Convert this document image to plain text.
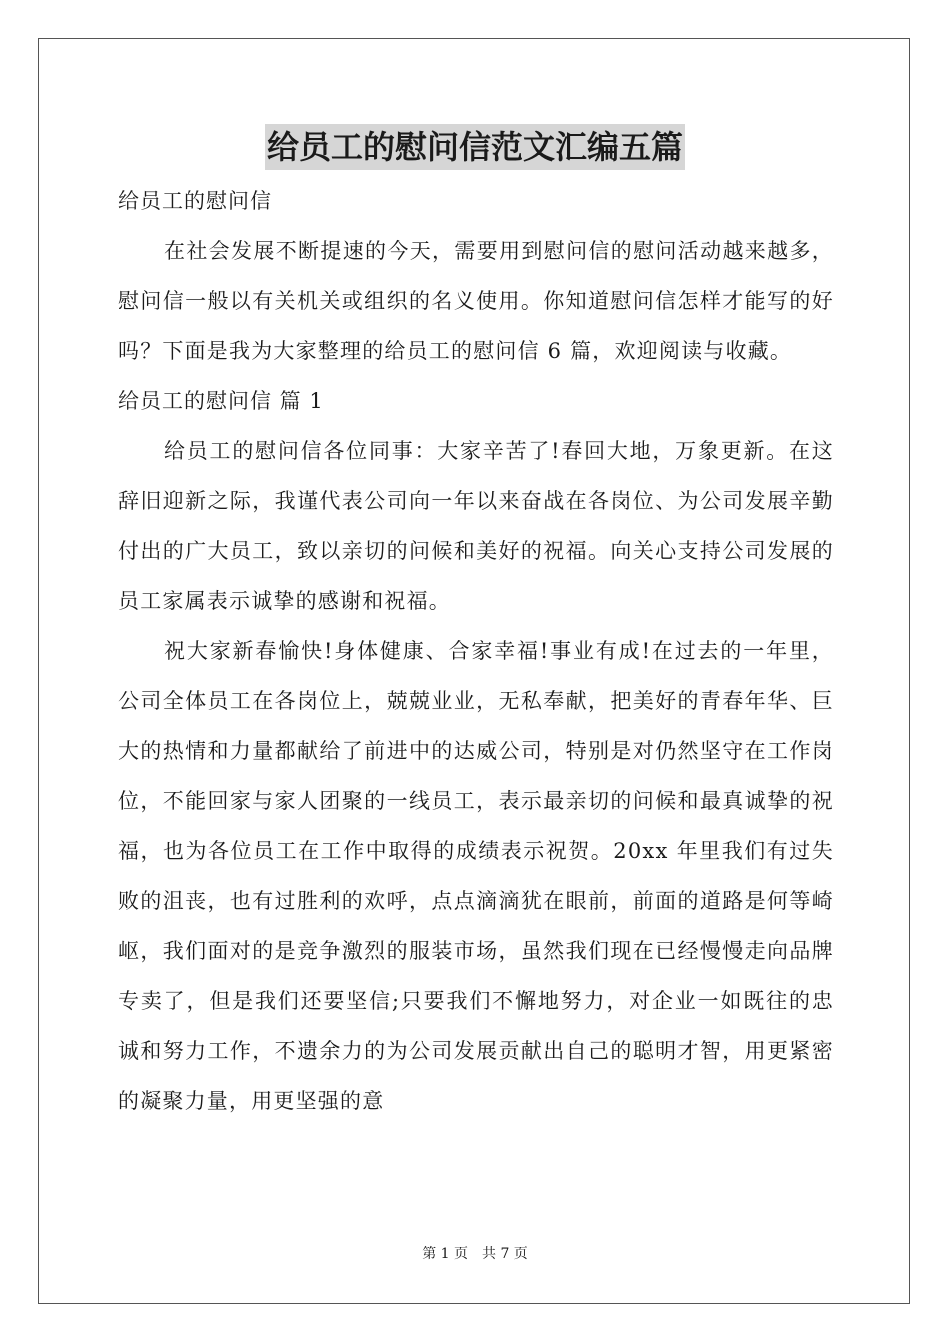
给员工的慰问信范文汇编五篇

给员工的慰问信

在社会发展不断提速的今天，需要用到慰问信的慰问活动越来越多，慰问信一般以有关机关或组织的名义使用。你知道慰问信怎样才能写的好吗？下面是我为大家整理的给员工的慰问信 6 篇，欢迎阅读与收藏。

给员工的慰问信 篇 1

给员工的慰问信各位同事：大家辛苦了!春回大地，万象更新。在这辞旧迎新之际，我谨代表公司向一年以来奋战在各岗位、为公司发展辛勤付出的广大员工，致以亲切的问候和美好的祝福。向关心支持公司发展的员工家属表示诚挚的感谢和祝福。

祝大家新春愉快!身体健康、合家幸福!事业有成!在过去的一年里，公司全体员工在各岗位上，兢兢业业，无私奉献，把美好的青春年华、巨大的热情和力量都献给了前进中的达威公司，特别是对仍然坚守在工作岗位，不能回家与家人团聚的一线员工，表示最亲切的问候和最真诚挚的祝福，也为各位员工在工作中取得的成绩表示祝贺。20xx 年里我们有过失败的沮丧，也有过胜利的欢呼，点点滴滴犹在眼前，前面的道路是何等崎岖，我们面对的是竞争激烈的服装市场，虽然我们现在已经慢慢走向品牌专卖了，但是我们还要坚信;只要我们不懈地努力，对企业一如既往的忠诚和努力工作，不遗余力的为公司发展贡献出自己的聪明才智，用更紧密的凝聚力量，用更坚强的意

第 1 页 共 7 页
